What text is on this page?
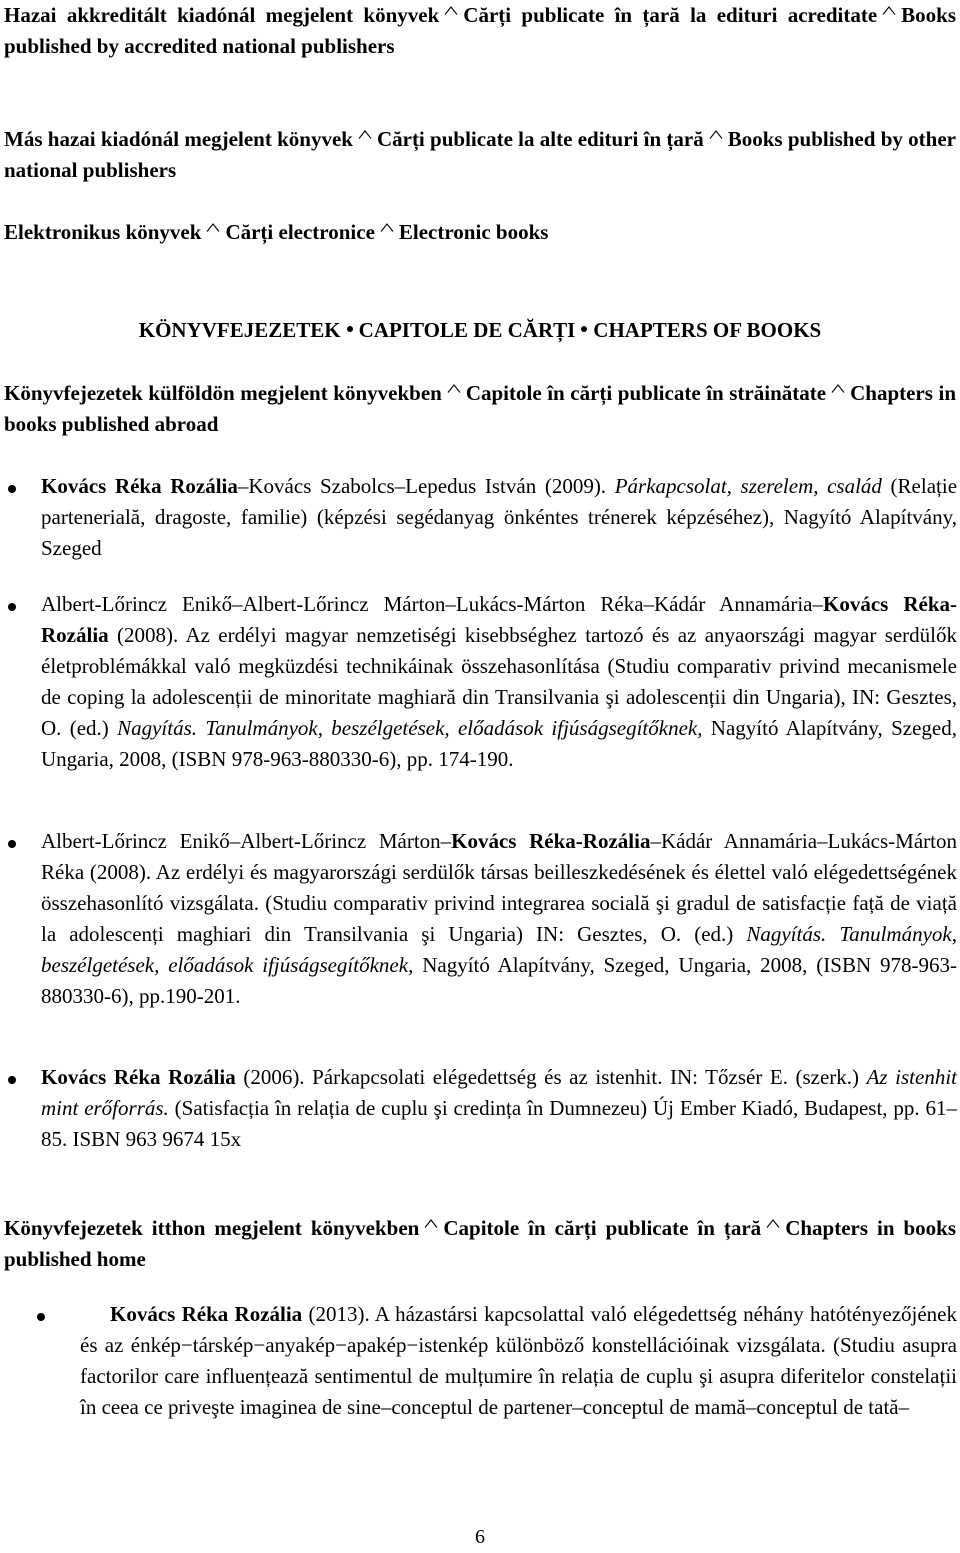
Hazai akkreditált kiadónál megjelent könyvek Cărți publicate în țară la edituri acreditate Books published by accredited national publishers
Más hazai kiadónál megjelent könyvek Cărți publicate la alte edituri în țară Books published by other national publishers
Elektronikus könyvek Cărți electronice Electronic books
KÖNYVFEJEZETEK CAPITOLE DE CĂRȚI CHAPTERS OF BOOKS
Könyvfejezetek külföldön megjelent könyvekben Capitole în cărți publicate în străinătate Chapters in books published abroad
Kovács Réka Rozália–Kovács Szabolcs–Lepedus István (2009). Párkapcsolat, szerelem, család (Relație partenerială, dragoste, familie) (képzési segédanyag önkéntes trénerek képzéséhez), Nagyító Alapítvány, Szeged
Albert-Lőrincz Enikő–Albert-Lőrincz Márton–Lukács-Márton Réka–Kádár Annamária–Kovács Réka-Rozália (2008). Az erdélyi magyar nemzetiségi kisebbséghez tartozó és az anyaországi magyar serdülők életproblémákkal való megküzdési technikáinak összehasonlítása (Studiu comparativ privind mecanismele de coping la adolescenții de minoritate maghiară din Transilvania şi adolescenții din Ungaria), IN: Gesztes, O. (ed.) Nagyítás. Tanulmányok, beszélgetések, előadások ifjúságsegítőknek, Nagyító Alapítvány, Szeged, Ungaria, 2008, (ISBN 978-963-880330-6), pp. 174-190.
Albert-Lőrincz Enikő–Albert-Lőrincz Márton–Kovács Réka-Rozália–Kádár Annamária–Lukács-Márton Réka (2008). Az erdélyi és magyarországi serdülők társas beilleszkedésének és élettel való elégedettségének összehasonlító vizsgálata. (Studiu comparativ privind integrarea socială şi gradul de satisfacție față de viață la adolescenți maghiari din Transilvania şi Ungaria) IN: Gesztes, O. (ed.) Nagyítás. Tanulmányok, beszélgetések, előadások ifjúságsegítőknek, Nagyító Alapítvány, Szeged, Ungaria, 2008, (ISBN 978-963-880330-6), pp.190-201.
Kovács Réka Rozália (2006). Párkapcsolati elégedettség és az istenhit. IN: Tőzsér E. (szerk.) Az istenhit mint erőforrás. (Satisfacția în relația de cuplu şi credința în Dumnezeu) Új Ember Kiadó, Budapest, pp. 61–85. ISBN 963 9674 15x
Könyvfejezetek itthon megjelent könyvekben Capitole în cărți publicate în țară Chapters in books published home
Kovács Réka Rozália (2013). A házastársi kapcsolattal való elégedettség néhány hatótényezőjének és az énkép−társkép−anyakép−apakép−istenkép különböző konstellációinak vizsgálata. (Studiu asupra factorilor care influențează sentimentul de mulțumire în relația de cuplu şi asupra diferitelor constelații în ceea ce priveşte imaginea de sine–conceptul de partener–conceptul de mamă–conceptul de tată–
6
